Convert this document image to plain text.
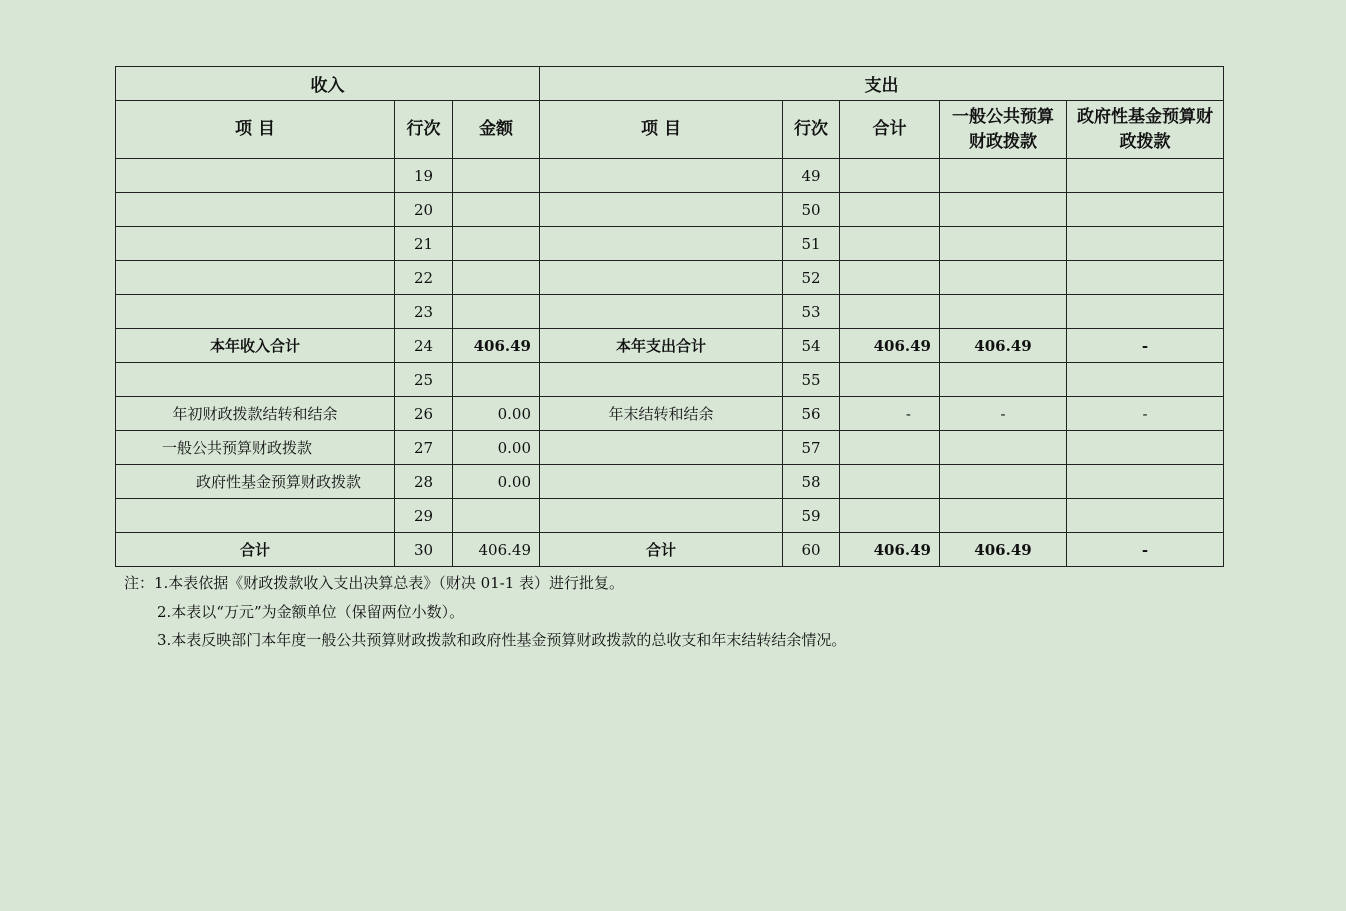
收入			支出				
项 目	行次	金额	项 目	行次	合计	一般公共预算财政拨款	政府性基金预算财政拨款
	19			49			
	20			50			
	21			51			
	22			52			
	23			53			
本年收入合计	24	406.49	本年支出合计	54	406.49	406.49	-
	25			55			
年初财政拨款结转和结余	26	0.00	年末结转和结余	56	-	-	-
一般公共预算财政拨款	27	0.00		57			
政府性基金预算财政拨款	28	0.00		58			
	29			59			
合计	30	406.49	合计	60	406.49	406.49	-
注：1.本表依据《财政拨款收入支出决算总表》（财决 01-1 表）进行批复。
2.本表以“万元”为金额单位（保留两位小数）。
3.本表反映部门本年度一般公共预算财政拨款和政府性基金预算财政拨款的总收支和年末结转结余情况。
